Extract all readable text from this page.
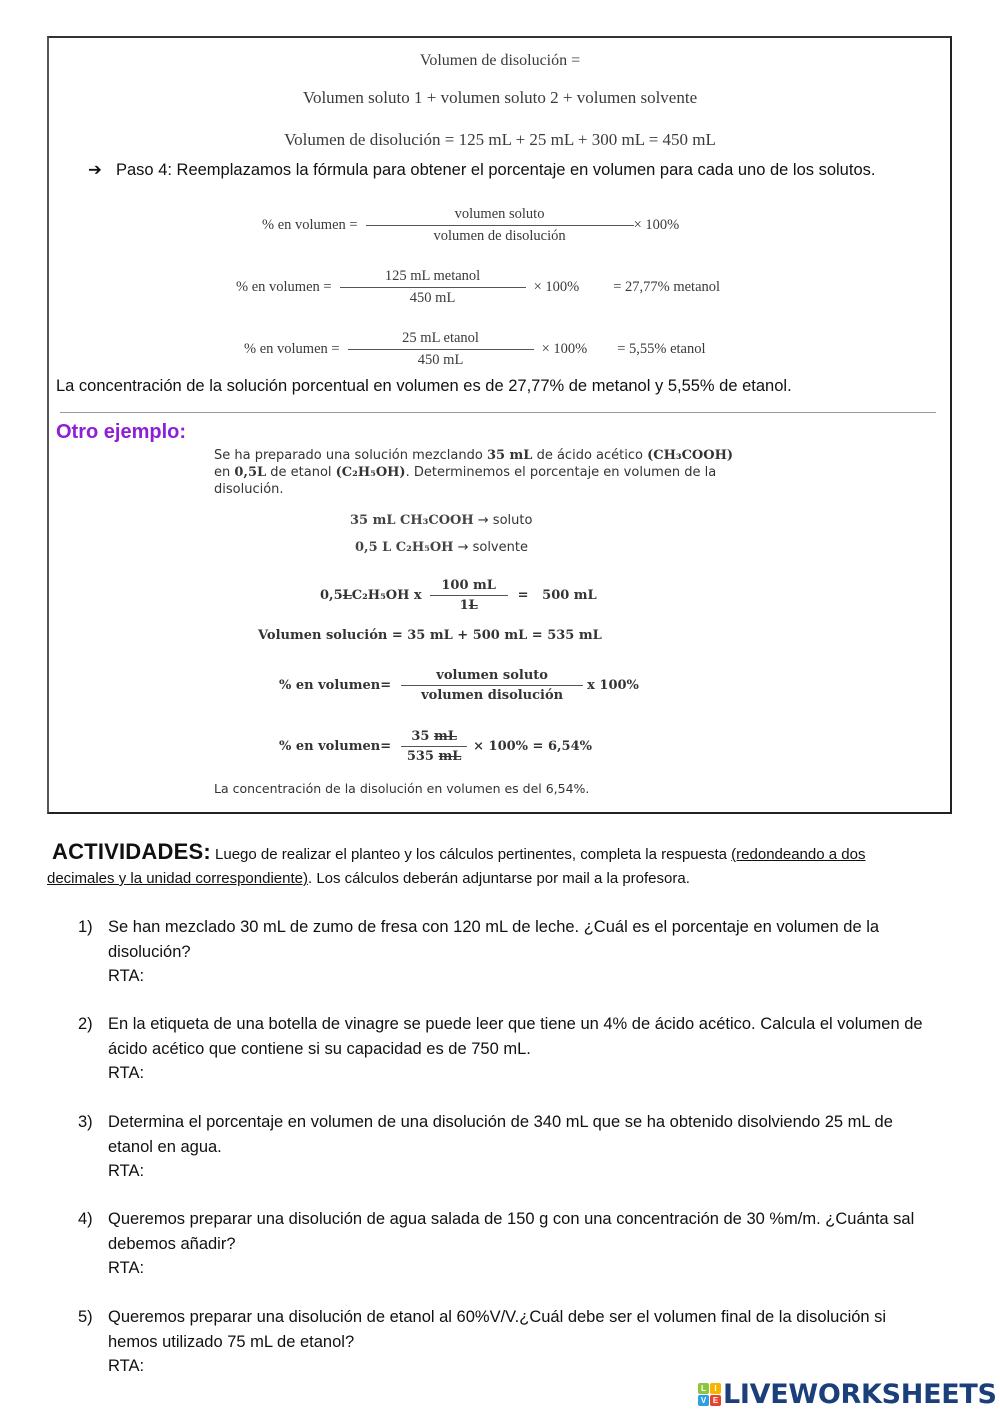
Volumen de disolución =
Volumen soluto 1 + volumen soluto 2 + volumen solvente
Volumen de disolución = 125 mL + 25 mL + 300 mL = 450 mL
➔ Paso 4: Reemplazamos la fórmula para obtener el porcentaje en volumen para cada uno de los solutos.
% en volumen = $\frac{\text{volumen soluto}}{\text{volumen de disolución}} \times 100\%$
% en volumen = $\frac{\text{125 mL metanol}}{450 mL} \times 100\% = 27,77\%$ metanol
% en volumen = $\frac{\text{25 mL etanol}}{450 mL} \times 100\% = 5,55\%$ etanol
La concentración de la solución porcentual en volumen es de 27,77% de metanol y 5,55% de etanol.
Otro ejemplo:
Se ha preparado una solución mezclando 35 mL de ácido acético (CH₃COOH) en 0,5L de etanol (C₂H₅OH). Determinemos el porcentaje en volumen de la disolución.
35 mL CH₃COOH → soluto
0,5 L C₂H₅OH → solvente
0,5 L C₂H₅OH x $\frac{100 mL}{1L} = 500$ mL
Volumen solución = 35 mL + 500 mL = 535 mL
% en volumen= $\frac{\text{volumen soluto}}{\text{volumen disolución}}$ x 100%
% en volumen= $\frac{35 mL}{535 mL} \times 100\% = 6,54\%$
La concentración de la disolución en volumen es del 6,54%.
ACTIVIDADES: Luego de realizar el planteo y los cálculos pertinentes, completa la respuesta (redondeando a dos decimales y la unidad correspondiente). Los cálculos deberán adjuntarse por mail a la profesora.
1) Se han mezclado 30 mL de zumo de fresa con 120 mL de leche. ¿Cuál es el porcentaje en volumen de la disolución?
RTA:
2) En la etiqueta de una botella de vinagre se puede leer que tiene un 4% de ácido acético. Calcula el volumen de ácido acético que contiene si su capacidad es de 750 mL.
RTA:
3) Determina el porcentaje en volumen de una disolución de 340 mL que se ha obtenido disolviendo 25 mL de etanol en agua.
RTA:
4) Queremos preparar una disolución de agua salada de 150 g con una concentración de 30 %m/m. ¿Cuánta sal debemos añadir?
RTA:
5) Queremos preparar una disolución de etanol al 60%V/V.¿Cuál debe ser el volumen final de la disolución si hemos utilizado 75 mL de etanol?
RTA:
L	I
V E LIVEWORKSHEETS
